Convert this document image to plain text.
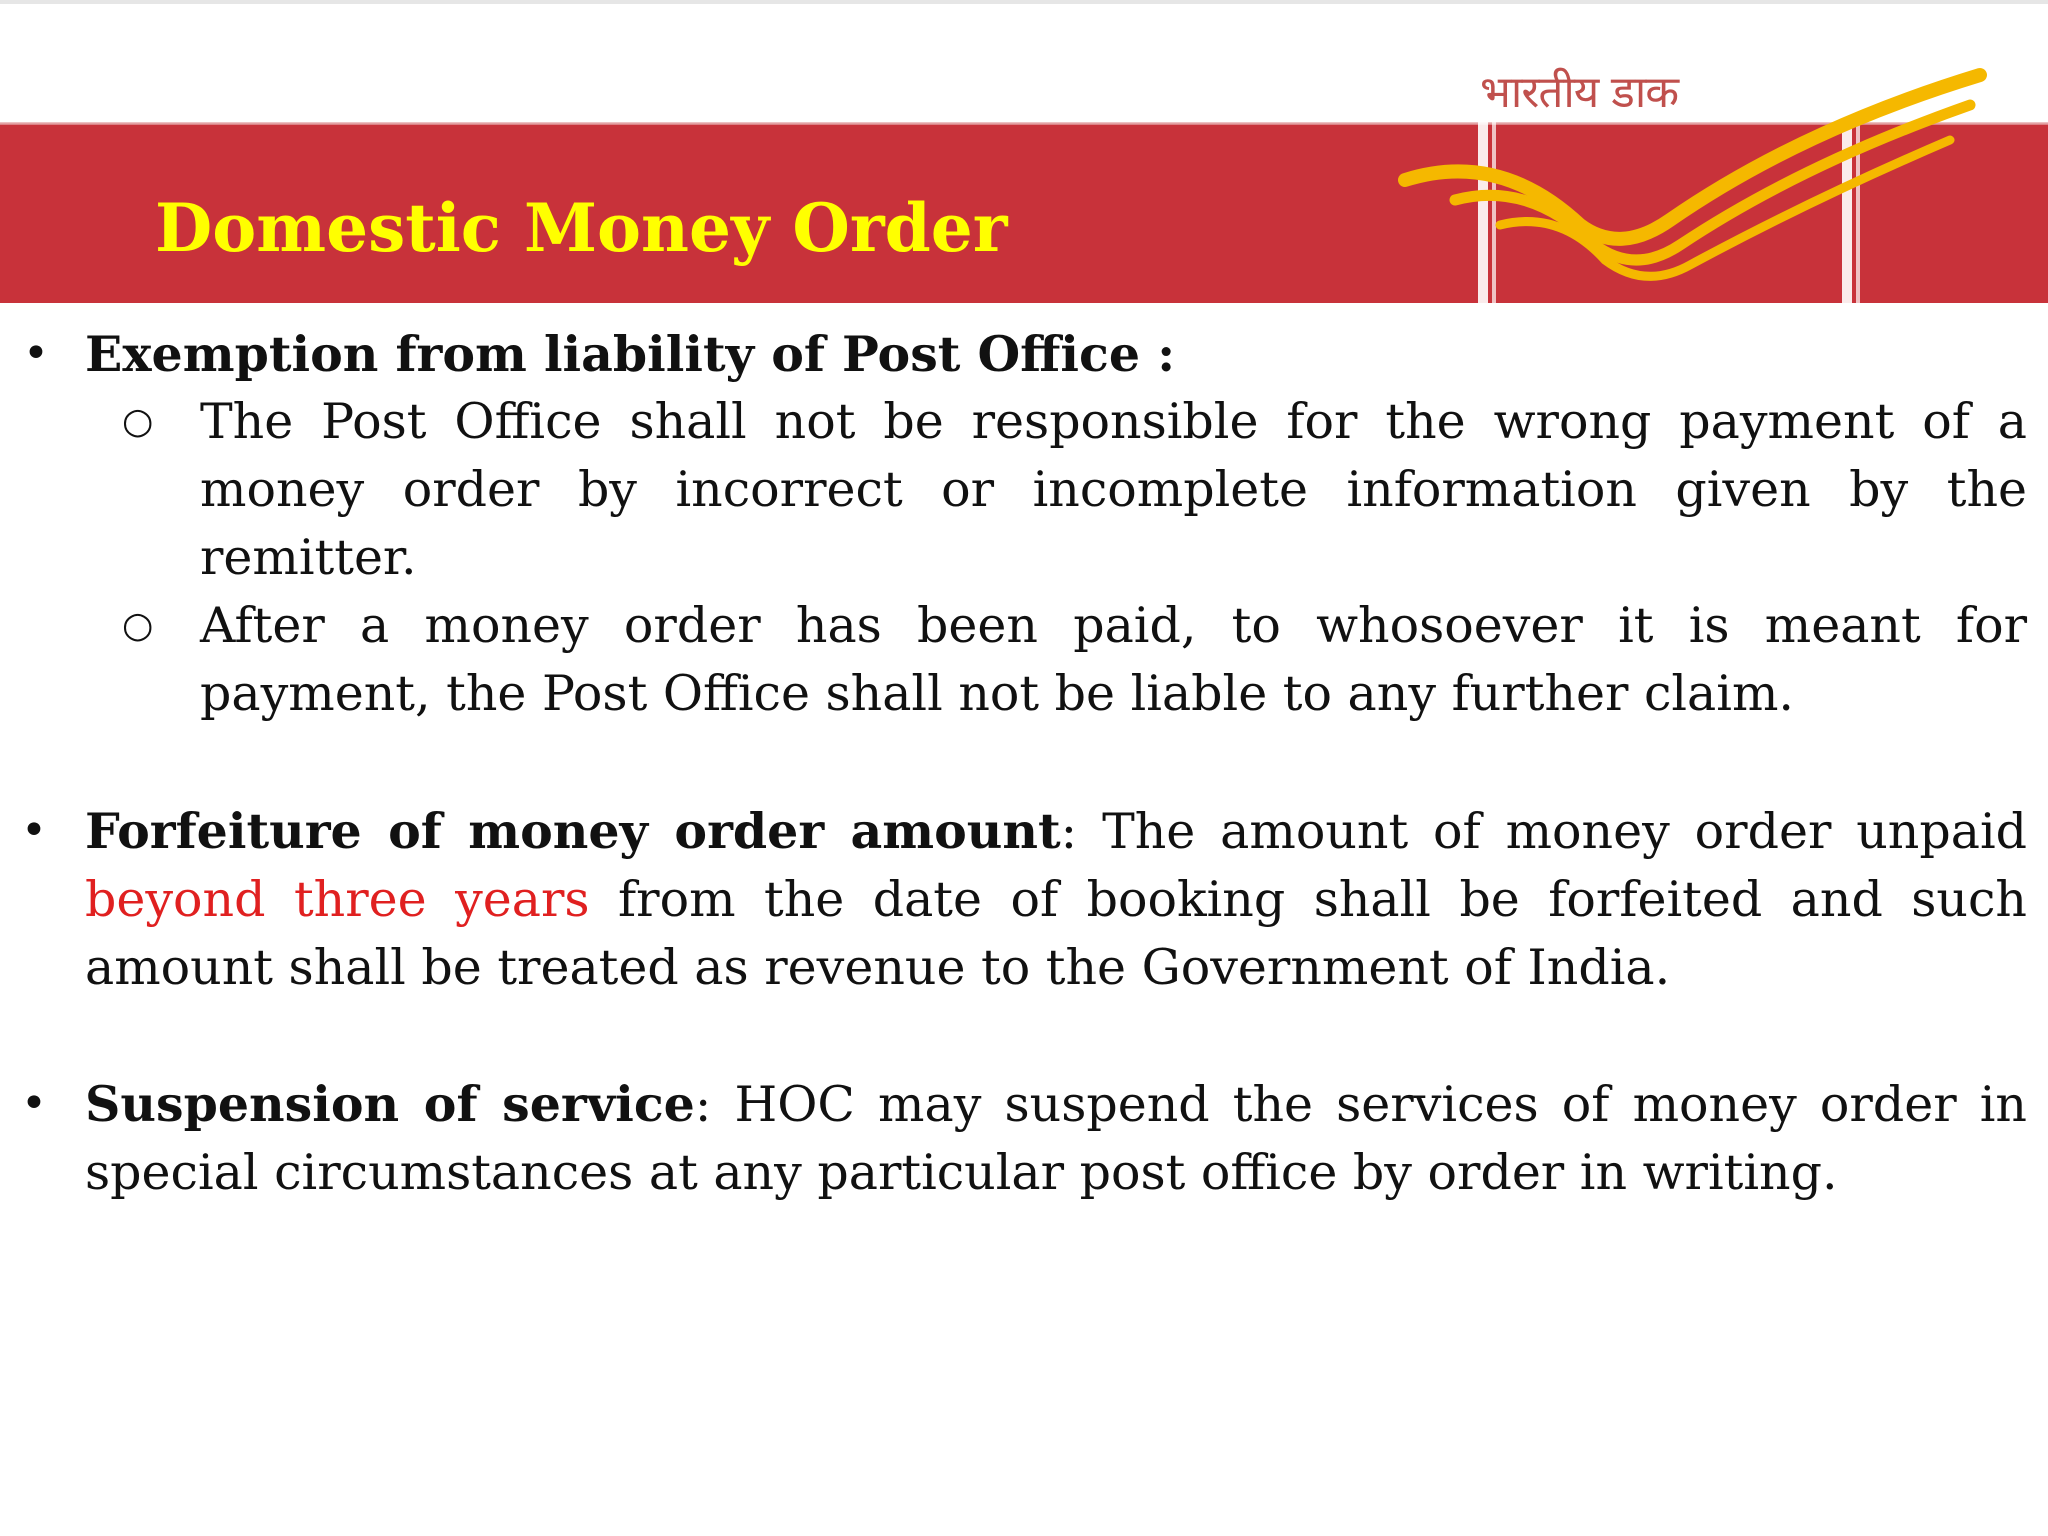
Domestic Money Order
भारतीय डाक

• Exemption from liability of Post Office :

○ The Post Office shall not be responsible for the wrong payment of a money order by incorrect or incomplete information given by the remitter.

○ After a money order has been paid, to whosoever it is meant for payment, the Post Office shall not be liable to any further claim.

• Forfeiture of money order amount: The amount of money order unpaid beyond three years from the date of booking shall be forfeited and such amount shall be treated as revenue to the Government of India.

• Suspension of service: HOC may suspend the services of money order in special circumstances at any particular post office by order in writing.
